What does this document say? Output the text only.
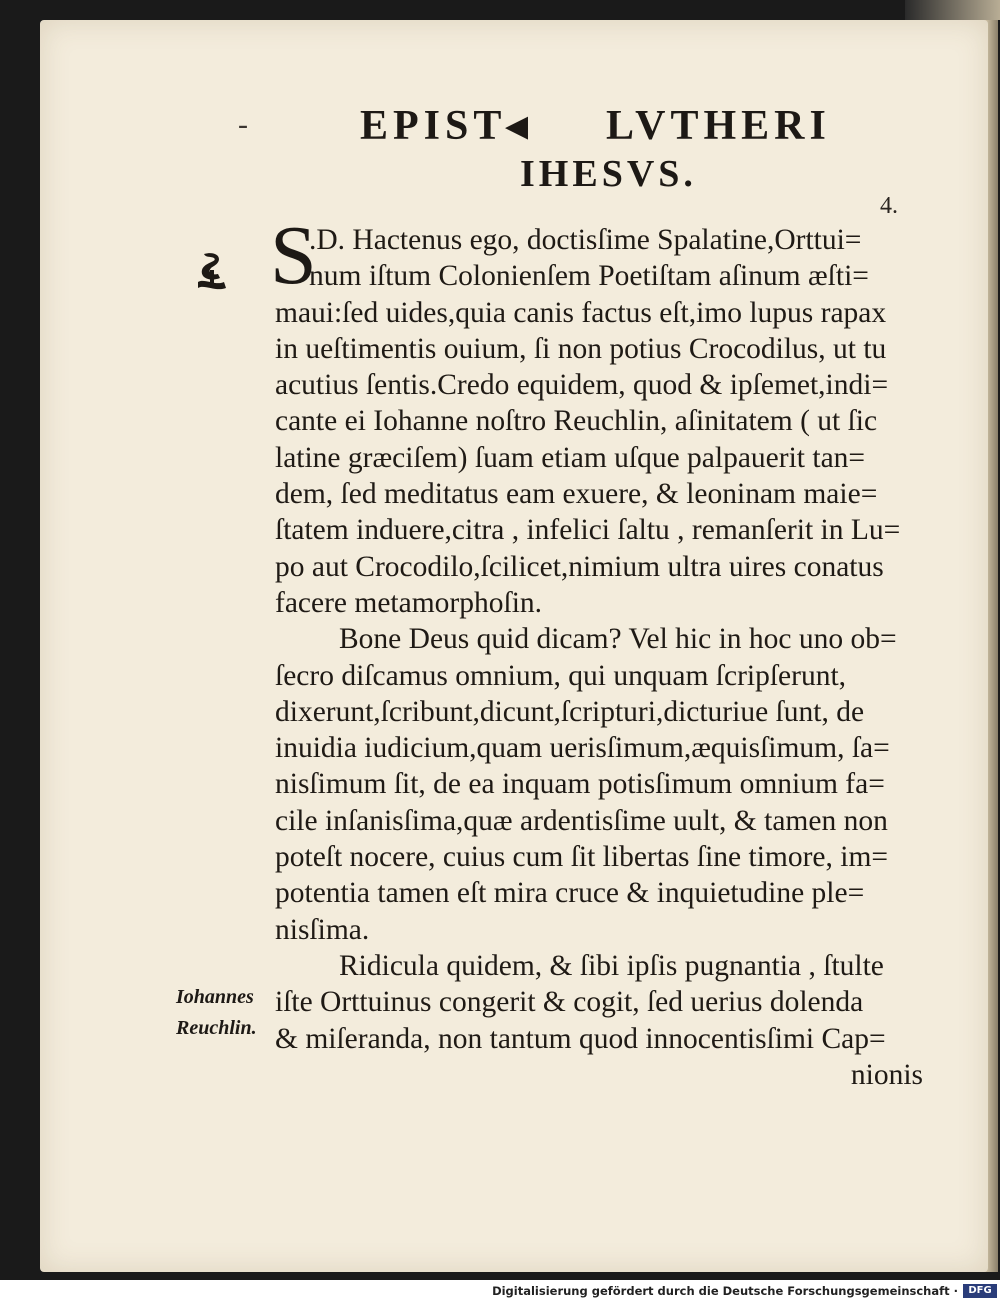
-	EPIST◂ LVTHERI
IHESVS.
4.
S
.D. Hactenus ego, doctisſime Spalatine,Orttui=
num iſtum Colonienſem Poetiſtam aſinum æſti=
maui:ſed uides,quia canis factus eſt,imo lupus rapax
in ueſtimentis ouium, ſi non potius Crocodilus, ut tu
acutius ſentis.Credo equidem, quod & ipſemet,indi=
cante ei Iohanne noſtro Reuchlin, aſinitatem ( ut ſic
latine græciſem) ſuam etiam uſque palpauerit tan=
dem, ſed meditatus eam exuere, & leoninam maie=
ſtatem induere,citra , infelici ſaltu , remanſerit in Lu=
po aut Crocodilo,ſcilicet,nimium ultra uires conatus
facere metamorphoſin.
Bone Deus quid dicam? Vel hic in hoc uno ob=
ſecro diſcamus omnium, qui unquam ſcripſerunt,
dixerunt,ſcribunt,dicunt,ſcripturi,dicturiue ſunt, de
inuidia iudicium,quam uerisſimum,æquisſimum, ſa=
nisſimum ſit, de ea inquam potisſimum omnium fa=
cile inſanisſima,quæ ardentisſime uult, & tamen non
poteſt nocere, cuius cum ſit libertas ſine timore, im=
potentia tamen eſt mira cruce & inquietudine ple=
nisſima.
Ridicula quidem, & ſibi ipſis pugnantia , ſtulte
iſte Orttuinus congerit & cogit, ſed uerius dolenda
& miſeranda, non tantum quod innocentisſimi Cap=
nionis
Iohannes
Reuchlin.
Digitalisierung gefördert durch die Deutsche Forschungsgemeinschaft ·	DFG
